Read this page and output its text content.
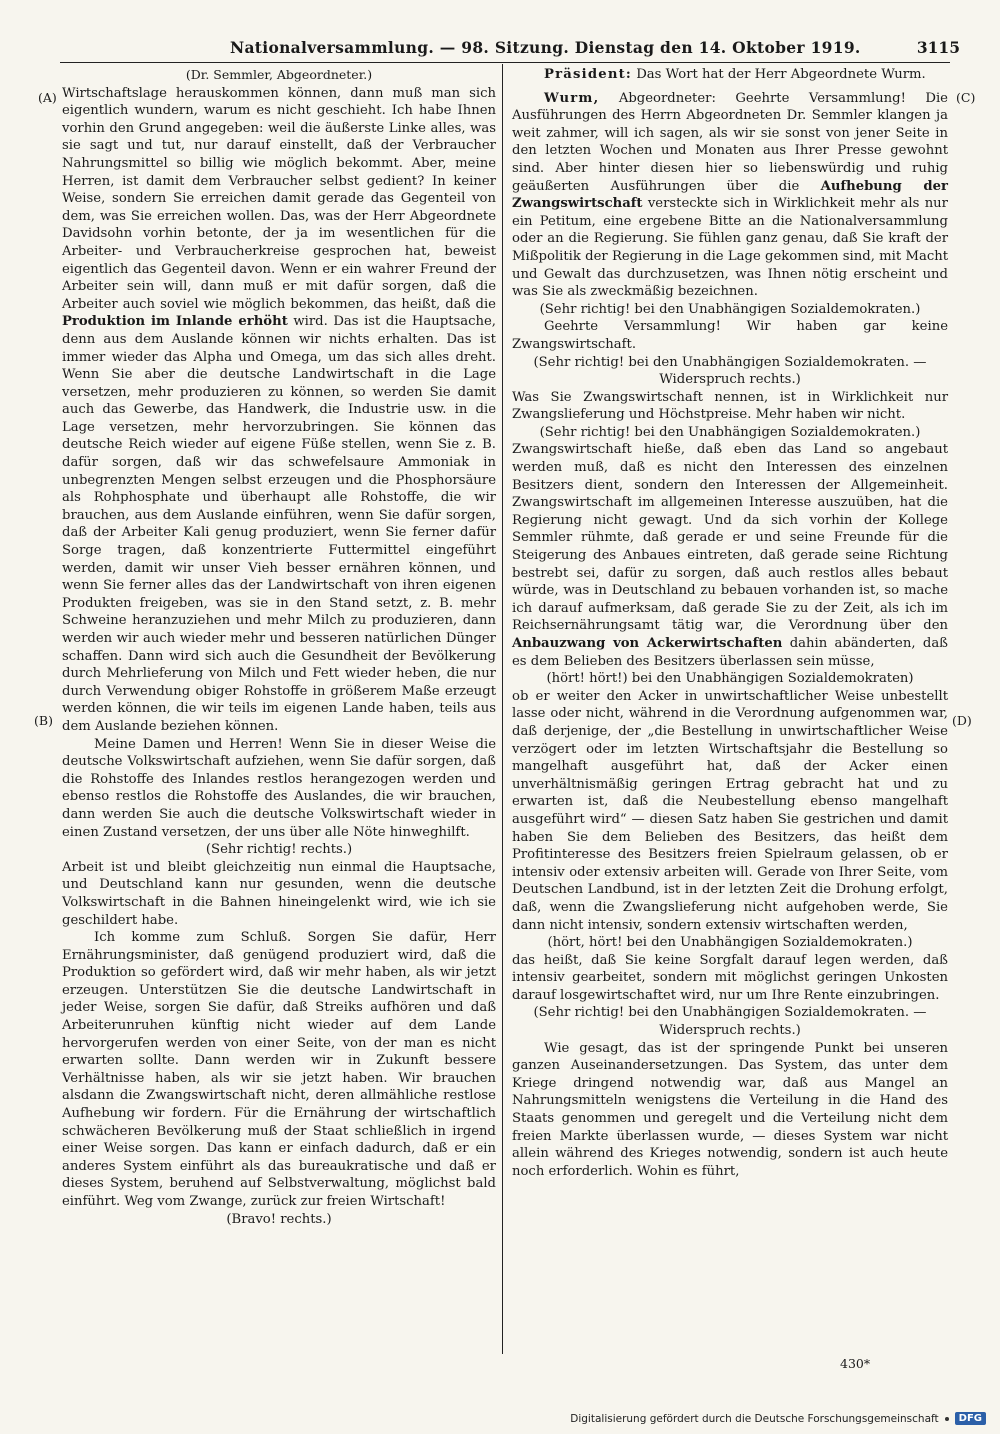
Nationalversammlung. — 98. Sitzung. Dienstag den 14. Oktober 1919.	3115
(A)
(B)
(C)
(D)

(Dr. Semmler, Abgeordneter.)

Wirtschaftslage herauskommen können, dann muß man sich eigentlich wundern, warum es nicht geschieht. Ich habe Ihnen vorhin den Grund angegeben: weil die äußerste Linke alles, was sie sagt und tut, nur darauf einstellt, daß der Verbraucher Nahrungsmittel so billig wie möglich bekommt. Aber, meine Herren, ist damit dem Verbraucher selbst gedient? In keiner Weise, sondern Sie erreichen damit gerade das Gegenteil von dem, was Sie erreichen wollen. Das, was der Herr Abgeordnete Davidsohn vorhin betonte, der ja im wesentlichen für die Arbeiter- und Verbraucherkreise gesprochen hat, beweist eigentlich das Gegenteil davon. Wenn er ein wahrer Freund der Arbeiter sein will, dann muß er mit dafür sorgen, daß die Arbeiter auch soviel wie möglich bekommen, das heißt, daß die Produktion im Inlande erhöht wird. Das ist die Hauptsache, denn aus dem Auslande können wir nichts erhalten. Das ist immer wieder das Alpha und Omega, um das sich alles dreht. Wenn Sie aber die deutsche Landwirtschaft in die Lage versetzen, mehr produzieren zu können, so werden Sie damit auch das Gewerbe, das Handwerk, die Industrie usw. in die Lage versetzen, mehr hervorzubringen. Sie können das deutsche Reich wieder auf eigene Füße stellen, wenn Sie z. B. dafür sorgen, daß wir das schwefelsaure Ammoniak in unbegrenzten Mengen selbst erzeugen und die Phosphorsäure als Rohphosphate und überhaupt alle Rohstoffe, die wir brauchen, aus dem Auslande einführen, wenn Sie dafür sorgen, daß der Arbeiter Kali genug produziert, wenn Sie ferner dafür Sorge tragen, daß konzentrierte Futtermittel eingeführt werden, damit wir unser Vieh besser ernähren können, und wenn Sie ferner alles das der Landwirtschaft von ihren eigenen Produkten freigeben, was sie in den Stand setzt, z. B. mehr Schweine heranzuziehen und mehr Milch zu produzieren, dann werden wir auch wieder mehr und besseren natürlichen Dünger schaffen. Dann wird sich auch die Gesundheit der Bevölkerung durch Mehrlieferung von Milch und Fett wieder heben, die nur durch Verwendung obiger Rohstoffe in größerem Maße erzeugt werden können, die wir teils im eigenen Lande haben, teils aus dem Auslande beziehen können.

Meine Damen und Herren! Wenn Sie in dieser Weise die deutsche Volkswirtschaft aufziehen, wenn Sie dafür sorgen, daß die Rohstoffe des Inlandes restlos herangezogen werden und ebenso restlos die Rohstoffe des Auslandes, die wir brauchen, dann werden Sie auch die deutsche Volkswirtschaft wieder in einen Zustand versetzen, der uns über alle Nöte hinweghilft.

(Sehr richtig! rechts.)

Arbeit ist und bleibt gleichzeitig nun einmal die Hauptsache, und Deutschland kann nur gesunden, wenn die deutsche Volkswirtschaft in die Bahnen hineingelenkt wird, wie ich sie geschildert habe.

Ich komme zum Schluß. Sorgen Sie dafür, Herr Ernährungsminister, daß genügend produziert wird, daß die Produktion so gefördert wird, daß wir mehr haben, als wir jetzt erzeugen. Unterstützen Sie die deutsche Landwirtschaft in jeder Weise, sorgen Sie dafür, daß Streiks aufhören und daß Arbeiterunruhen künftig nicht wieder auf dem Lande hervorgerufen werden von einer Seite, von der man es nicht erwarten sollte. Dann werden wir in Zukunft bessere Verhältnisse haben, als wir sie jetzt haben. Wir brauchen alsdann die Zwangswirtschaft nicht, deren allmähliche restlose Aufhebung wir fordern. Für die Ernährung der wirtschaftlich schwächeren Bevölkerung muß der Staat schließlich in irgend einer Weise sorgen. Das kann er einfach dadurch, daß er ein anderes System einführt als das bureaukratische und daß er dieses System, beruhend auf Selbstverwaltung, möglichst bald einführt. Weg vom Zwange, zurück zur freien Wirtschaft!

(Bravo! rechts.)

Präsident: Das Wort hat der Herr Abgeordnete Wurm.

Wurm, Abgeordneter: Geehrte Versammlung! Die Ausführungen des Herrn Abgeordneten Dr. Semmler klangen ja weit zahmer, will ich sagen, als wir sie sonst von jener Seite in den letzten Wochen und Monaten aus Ihrer Presse gewohnt sind. Aber hinter diesen hier so liebenswürdig und ruhig geäußerten Ausführungen über die Aufhebung der Zwangswirtschaft versteckte sich in Wirklichkeit mehr als nur ein Petitum, eine ergebene Bitte an die Nationalversammlung oder an die Regierung. Sie fühlen ganz genau, daß Sie kraft der Mißpolitik der Regierung in die Lage gekommen sind, mit Macht und Gewalt das durchzusetzen, was Ihnen nötig erscheint und was Sie als zweckmäßig bezeichnen.

(Sehr richtig! bei den Unabhängigen Sozialdemokraten.)

Geehrte Versammlung! Wir haben gar keine Zwangswirtschaft.

(Sehr richtig! bei den Unabhängigen Sozialdemokraten. — Widerspruch rechts.)

Was Sie Zwangswirtschaft nennen, ist in Wirklichkeit nur Zwangslieferung und Höchstpreise. Mehr haben wir nicht.

(Sehr richtig! bei den Unabhängigen Sozialdemokraten.)

Zwangswirtschaft hieße, daß eben das Land so angebaut werden muß, daß es nicht den Interessen des einzelnen Besitzers dient, sondern den Interessen der Allgemeinheit. Zwangswirtschaft im allgemeinen Interesse auszuüben, hat die Regierung nicht gewagt. Und da sich vorhin der Kollege Semmler rühmte, daß gerade er und seine Freunde für die Steigerung des Anbaues eintreten, daß gerade seine Richtung bestrebt sei, dafür zu sorgen, daß auch restlos alles bebaut würde, was in Deutschland zu bebauen vorhanden ist, so mache ich darauf aufmerksam, daß gerade Sie zu der Zeit, als ich im Reichsernährungsamt tätig war, die Verordnung über den Anbauzwang von Ackerwirtschaften dahin abänderten, daß es dem Belieben des Besitzers überlassen sein müsse,

(hört! hört!) bei den Unabhängigen Sozialdemokraten)

ob er weiter den Acker in unwirtschaftlicher Weise unbestellt lasse oder nicht, während in die Verordnung aufgenommen war, daß derjenige, der „die Bestellung in unwirtschaftlicher Weise verzögert oder im letzten Wirtschaftsjahr die Bestellung so mangelhaft ausgeführt hat, daß der Acker einen unverhältnismäßig geringen Ertrag gebracht hat und zu erwarten ist, daß die Neubestellung ebenso mangelhaft ausgeführt wird“ — diesen Satz haben Sie gestrichen und damit haben Sie dem Belieben des Besitzers, das heißt dem Profitinteresse des Besitzers freien Spielraum gelassen, ob er intensiv oder extensiv arbeiten will. Gerade von Ihrer Seite, vom Deutschen Landbund, ist in der letzten Zeit die Drohung erfolgt, daß, wenn die Zwangslieferung nicht aufgehoben werde, Sie dann nicht intensiv, sondern extensiv wirtschaften werden,

(hört, hört! bei den Unabhängigen Sozialdemokraten.)

das heißt, daß Sie keine Sorgfalt darauf legen werden, daß intensiv gearbeitet, sondern mit möglichst geringen Unkosten darauf losgewirtschaftet wird, nur um Ihre Rente einzubringen.

(Sehr richtig! bei den Unabhängigen Sozialdemokraten. — Widerspruch rechts.)

Wie gesagt, das ist der springende Punkt bei unseren ganzen Auseinandersetzungen. Das System, das unter dem Kriege dringend notwendig war, daß aus Mangel an Nahrungsmitteln wenigstens die Verteilung in die Hand des Staats genommen und geregelt und die Verteilung nicht dem freien Markte überlassen wurde, — dieses System war nicht allein während des Krieges notwendig, sondern ist auch heute noch erforderlich. Wohin es führt,

430*
Digitalisierung gefördert durch die Deutsche Forschungsgemeinschaft	DFG
